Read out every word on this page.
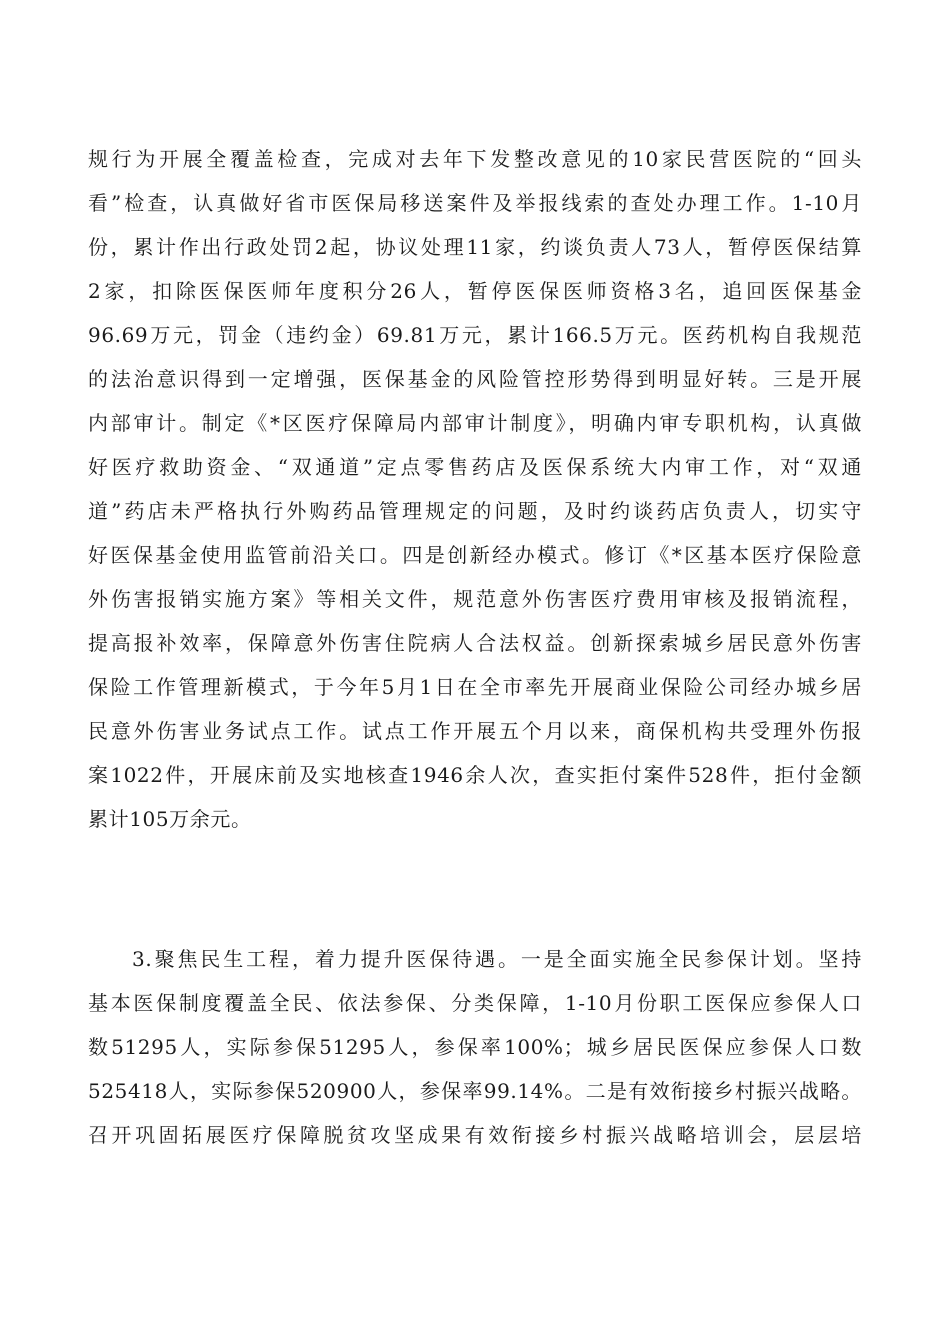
规行为开展全覆盖检查，完成对去年下发整改意见的10家民营医院的“回头
看”检查，认真做好省市医保局移送案件及举报线索的查处办理工作。1-10月
份，累计作出行政处罚2起，协议处理11家，约谈负责人73人，暂停医保结算
2家，扣除医保医师年度积分26人，暂停医保医师资格3名，追回医保基金
96.69万元，罚金（违约金）69.81万元，累计166.5万元。医药机构自我规范
的法治意识得到一定增强，医保基金的风险管控形势得到明显好转。三是开展
内部审计。制定《*区医疗保障局内部审计制度》，明确内审专职机构，认真做
好医疗救助资金、“双通道”定点零售药店及医保系统大内审工作，对“双通
道”药店未严格执行外购药品管理规定的问题，及时约谈药店负责人，切实守
好医保基金使用监管前沿关口。四是创新经办模式。修订《*区基本医疗保险意
外伤害报销实施方案》等相关文件，规范意外伤害医疗费用审核及报销流程，
提高报补效率，保障意外伤害住院病人合法权益。创新探索城乡居民意外伤害
保险工作管理新模式，于今年5月1日在全市率先开展商业保险公司经办城乡居
民意外伤害业务试点工作。试点工作开展五个月以来，商保机构共受理外伤报
案1022件，开展床前及实地核查1946余人次，查实拒付案件528件，拒付金额
累计105万余元。
3.聚焦民生工程，着力提升医保待遇。一是全面实施全民参保计划。坚持
基本医保制度覆盖全民、依法参保、分类保障，1-10月份职工医保应参保人口
数51295人，实际参保51295人，参保率100%；城乡居民医保应参保人口数
525418人，实际参保520900人，参保率99.14%。二是有效衔接乡村振兴战略。
召开巩固拓展医疗保障脱贫攻坚成果有效衔接乡村振兴战略培训会，层层培
